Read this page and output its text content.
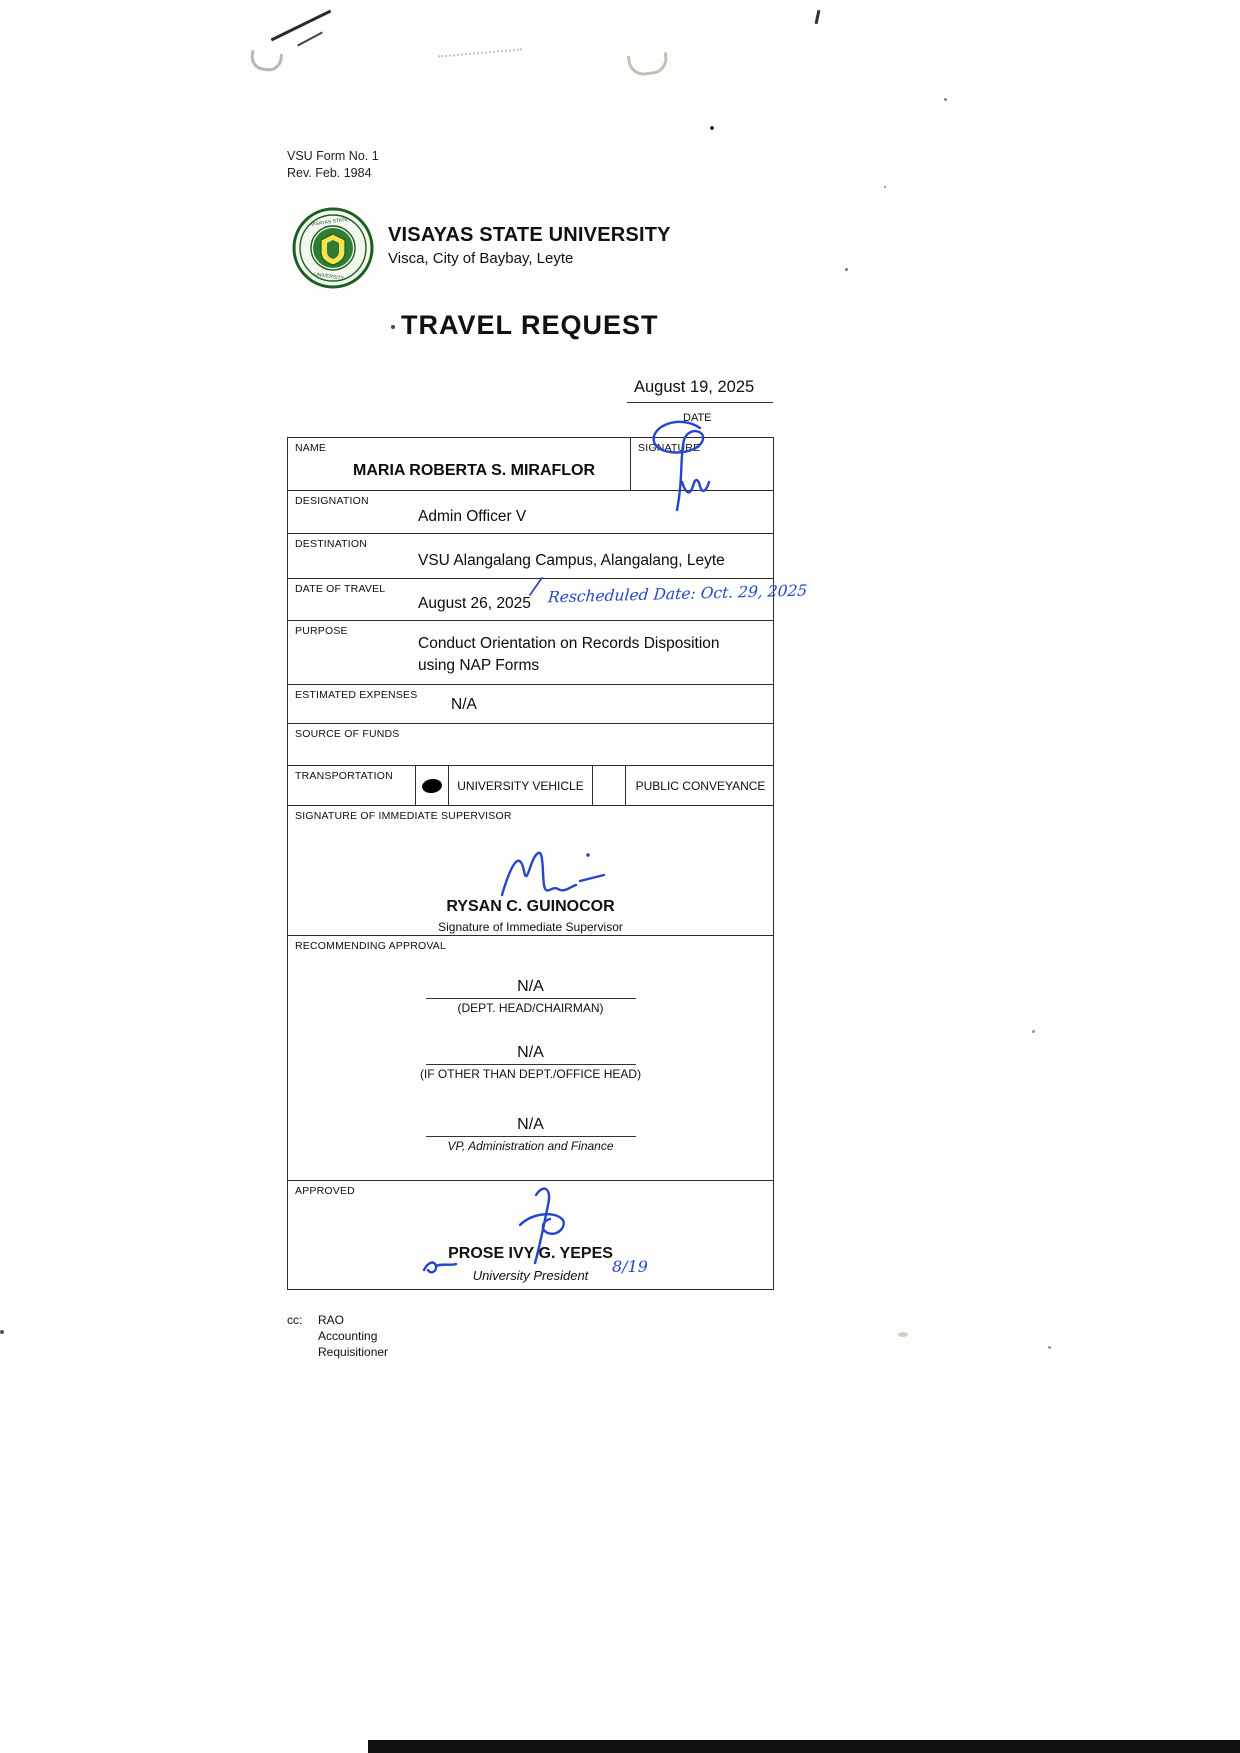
VSU Form No. 1
Rev. Feb. 1984
VISAYAS STATE
UNIVERSITY
VISAYAS STATE UNIVERSITY
Visca, City of Baybay, Leyte
TRAVEL REQUEST
August 19, 2025
DATE
NAME
MARIA ROBERTA S. MIRAFLOR
SIGNATURE
DESIGNATION
Admin Officer V
DESTINATION
VSU Alangalang Campus, Alangalang, Leyte
DATE OF TRAVEL
August 26, 2025
PURPOSE
Conduct Orientation on Records Disposition using NAP Forms
ESTIMATED EXPENSES
N/A
SOURCE OF FUNDS
TRANSPORTATION
UNIVERSITY VEHICLE	PUBLIC CONVEYANCE
SIGNATURE OF IMMEDIATE SUPERVISOR
RYSAN C. GUINOCOR
Signature of Immediate Supervisor
RECOMMENDING APPROVAL
N/A
(DEPT. HEAD/CHAIRMAN)
N/A
(IF OTHER THAN DEPT./OFFICE HEAD)
N/A
VP, Administration and Finance
APPROVED
PROSE IVY G. YEPES
University President
/ Rescheduled Date: Oct. 29, 2025
8/19
cc: RAO
Accounting
Requisitioner
